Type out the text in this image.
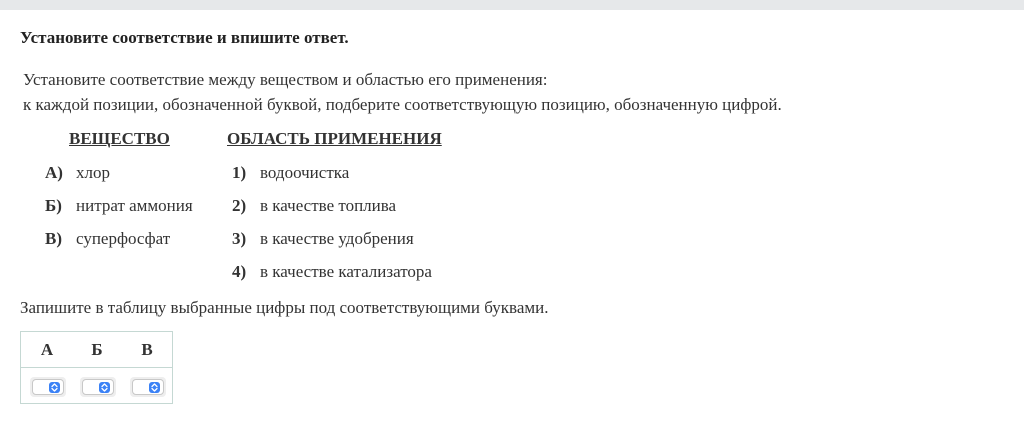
Установите соответствие и впишите ответ.
Установите соответствие между веществом и областью его применения:
к каждой позиции, обозначенной буквой, подберите соответствующую позицию, обозначенную цифрой.
ВЕЩЕСТВО	ОБЛАСТЬ ПРИМЕНЕНИЯ
А) хлор
Б) нитрат аммония
В) суперфосфат
1) водоочистка
2) в качестве топлива
3) в качестве удобрения
4) в качестве катализатора
Запишите в таблицу выбранные цифры под соответствующими буквами.
А	Б	В
